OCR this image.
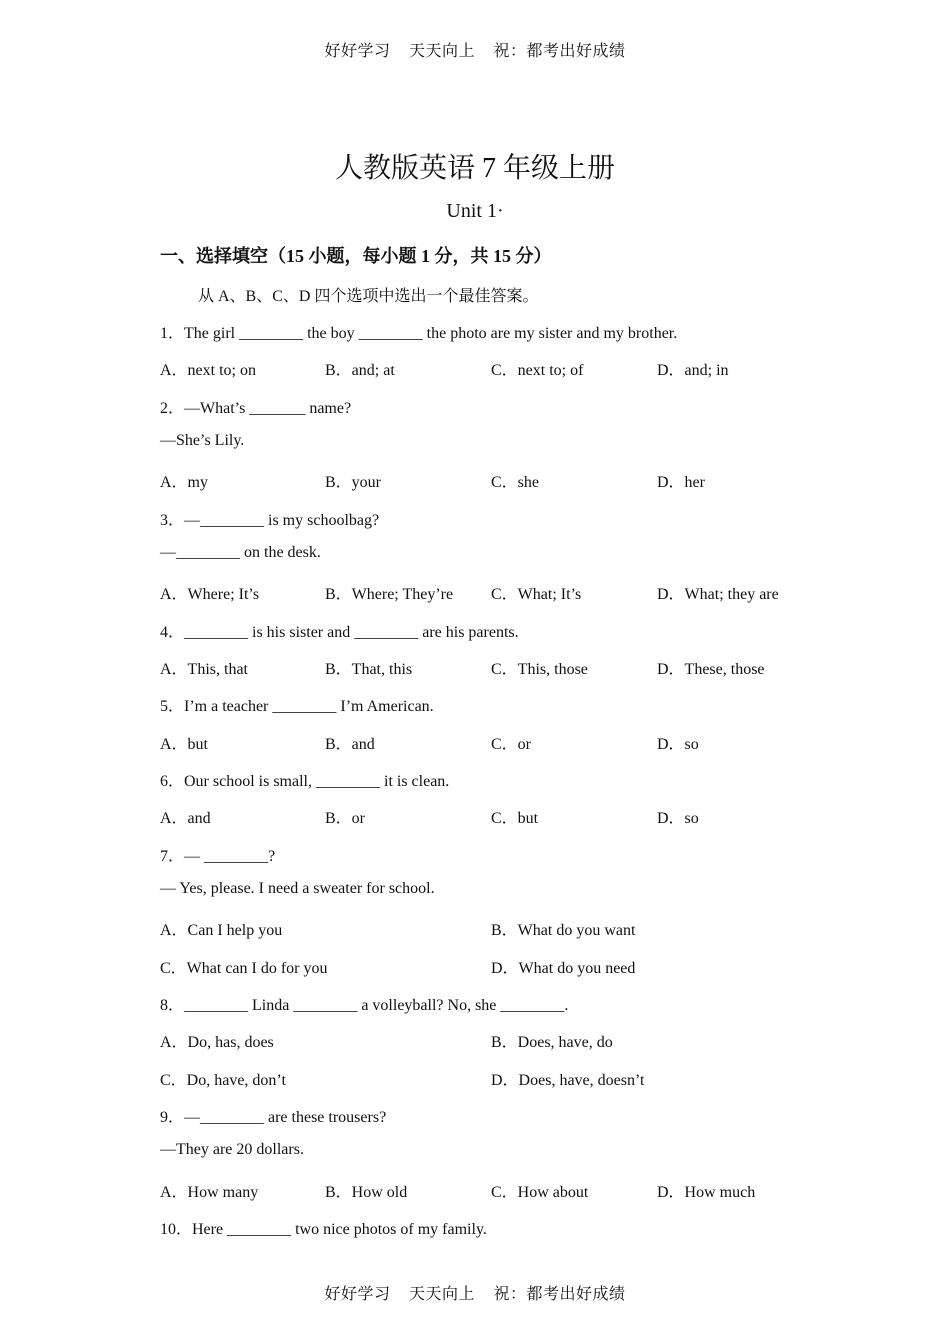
好好学习 天天向上 祝：都考出好成绩
人教版英语 7 年级上册
Unit 1·
一、选择填空（15 小题，每小题 1 分，共 15 分）
从 A、B、C、D 四个选项中选出一个最佳答案。
1．The girl ________ the boy ________ the photo are my sister and my brother.
A．next to; on	B．and; at	C．next to; of	D．and; in
2．—What’s _______ name?
—She’s Lily.
A．my	B．your	C．she	D．her
3．—________ is my schoolbag?
—________ on the desk.
A．Where; It’s	B．Where; They’re C．What; It’s	D．What; they are
4．________ is his sister and ________ are his parents.
A．This, that	B．That, this	C．This, those	D．These, those
5．I’m a teacher ________ I’m American.
A．but	B．and	C．or	D．so
6．Our school is small, ________ it is clean.
A．and	B．or	C．but	D．so
7．— ________?
— Yes, please. I need a sweater for school.
A．Can I help you	B．What do you want
C．What can I do for you	D．What do you need
8．________ Linda ________ a volleyball? No, she ________.
A．Do, has, does	B．Does, have, do
C．Do, have, don’t	D．Does, have, doesn’t
9．—________ are these trousers?
—They are 20 dollars.
A．How many	B．How old	C．How about	D．How much
10．Here ________ two nice photos of my family.
好好学习 天天向上 祝：都考出好成绩
